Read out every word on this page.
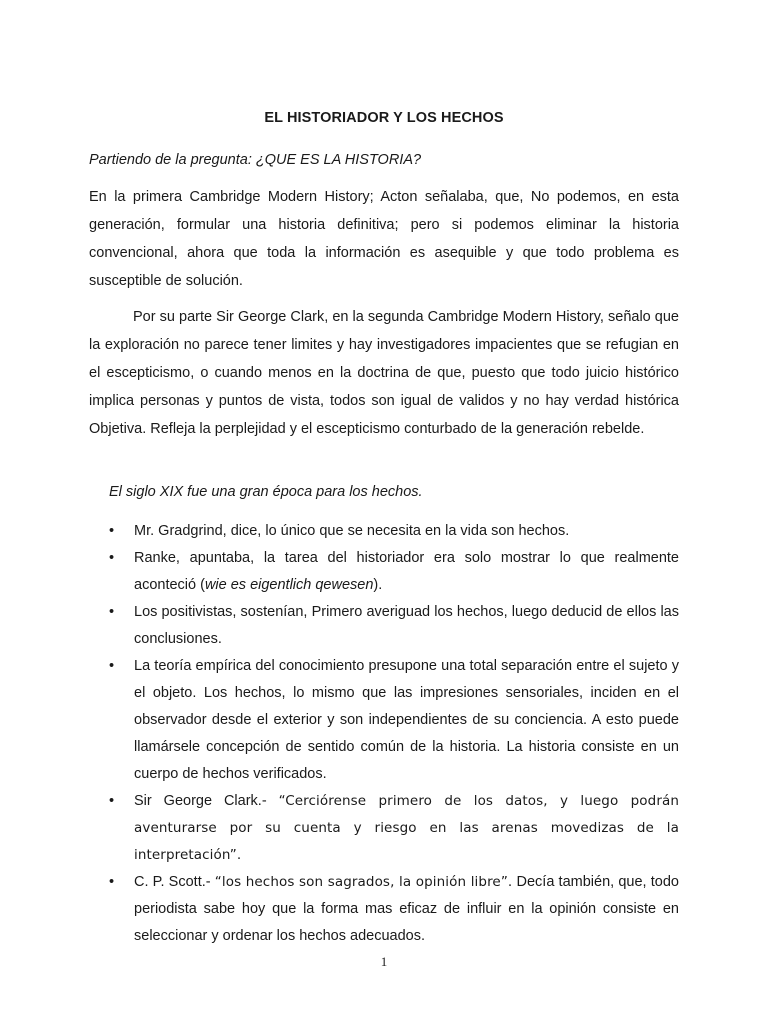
EL HISTORIADOR Y LOS HECHOS
Partiendo de la pregunta: ¿QUE ES LA HISTORIA?
En la primera Cambridge Modern History; Acton señalaba, que, No podemos, en esta generación, formular una historia definitiva; pero si podemos eliminar la historia convencional, ahora que toda la información es asequible y que todo problema es susceptible de solución.
Por su parte Sir George Clark, en la segunda Cambridge Modern History, señalo que la exploración no parece tener limites y hay investigadores impacientes que se refugian en el escepticismo, o cuando menos en la doctrina de que, puesto que todo juicio histórico implica personas y puntos de vista, todos son igual de validos y no hay verdad histórica Objetiva. Refleja la perplejidad y el escepticismo conturbado de la generación rebelde.
El siglo XIX fue una gran época para los hechos.
• Mr. Gradgrind, dice, lo único que se necesita en la vida son hechos.
• Ranke, apuntaba, la tarea del historiador era solo mostrar lo que realmente aconteció (wie es eigentlich qewesen).
• Los positivistas, sostenían, Primero averiguad los hechos, luego deducid de ellos las conclusiones.
• La teoría empírica del conocimiento presupone una total separación entre el sujeto y el objeto. Los hechos, lo mismo que las impresiones sensoriales, inciden en el observador desde el exterior y son independientes de su conciencia. A esto puede llamársele concepción de sentido común de la historia. La historia consiste en un cuerpo de hechos verificados.
• Sir George Clark.- “Cerciórense primero de los datos, y luego podrán aventurarse por su cuenta y riesgo en las arenas movedizas de la interpretación”.
• C. P. Scott.- “los hechos son sagrados, la opinión libre”. Decía también, que, todo periodista sabe hoy que la forma mas eficaz de influir en la opinión consiste en seleccionar y ordenar los hechos adecuados.
1
